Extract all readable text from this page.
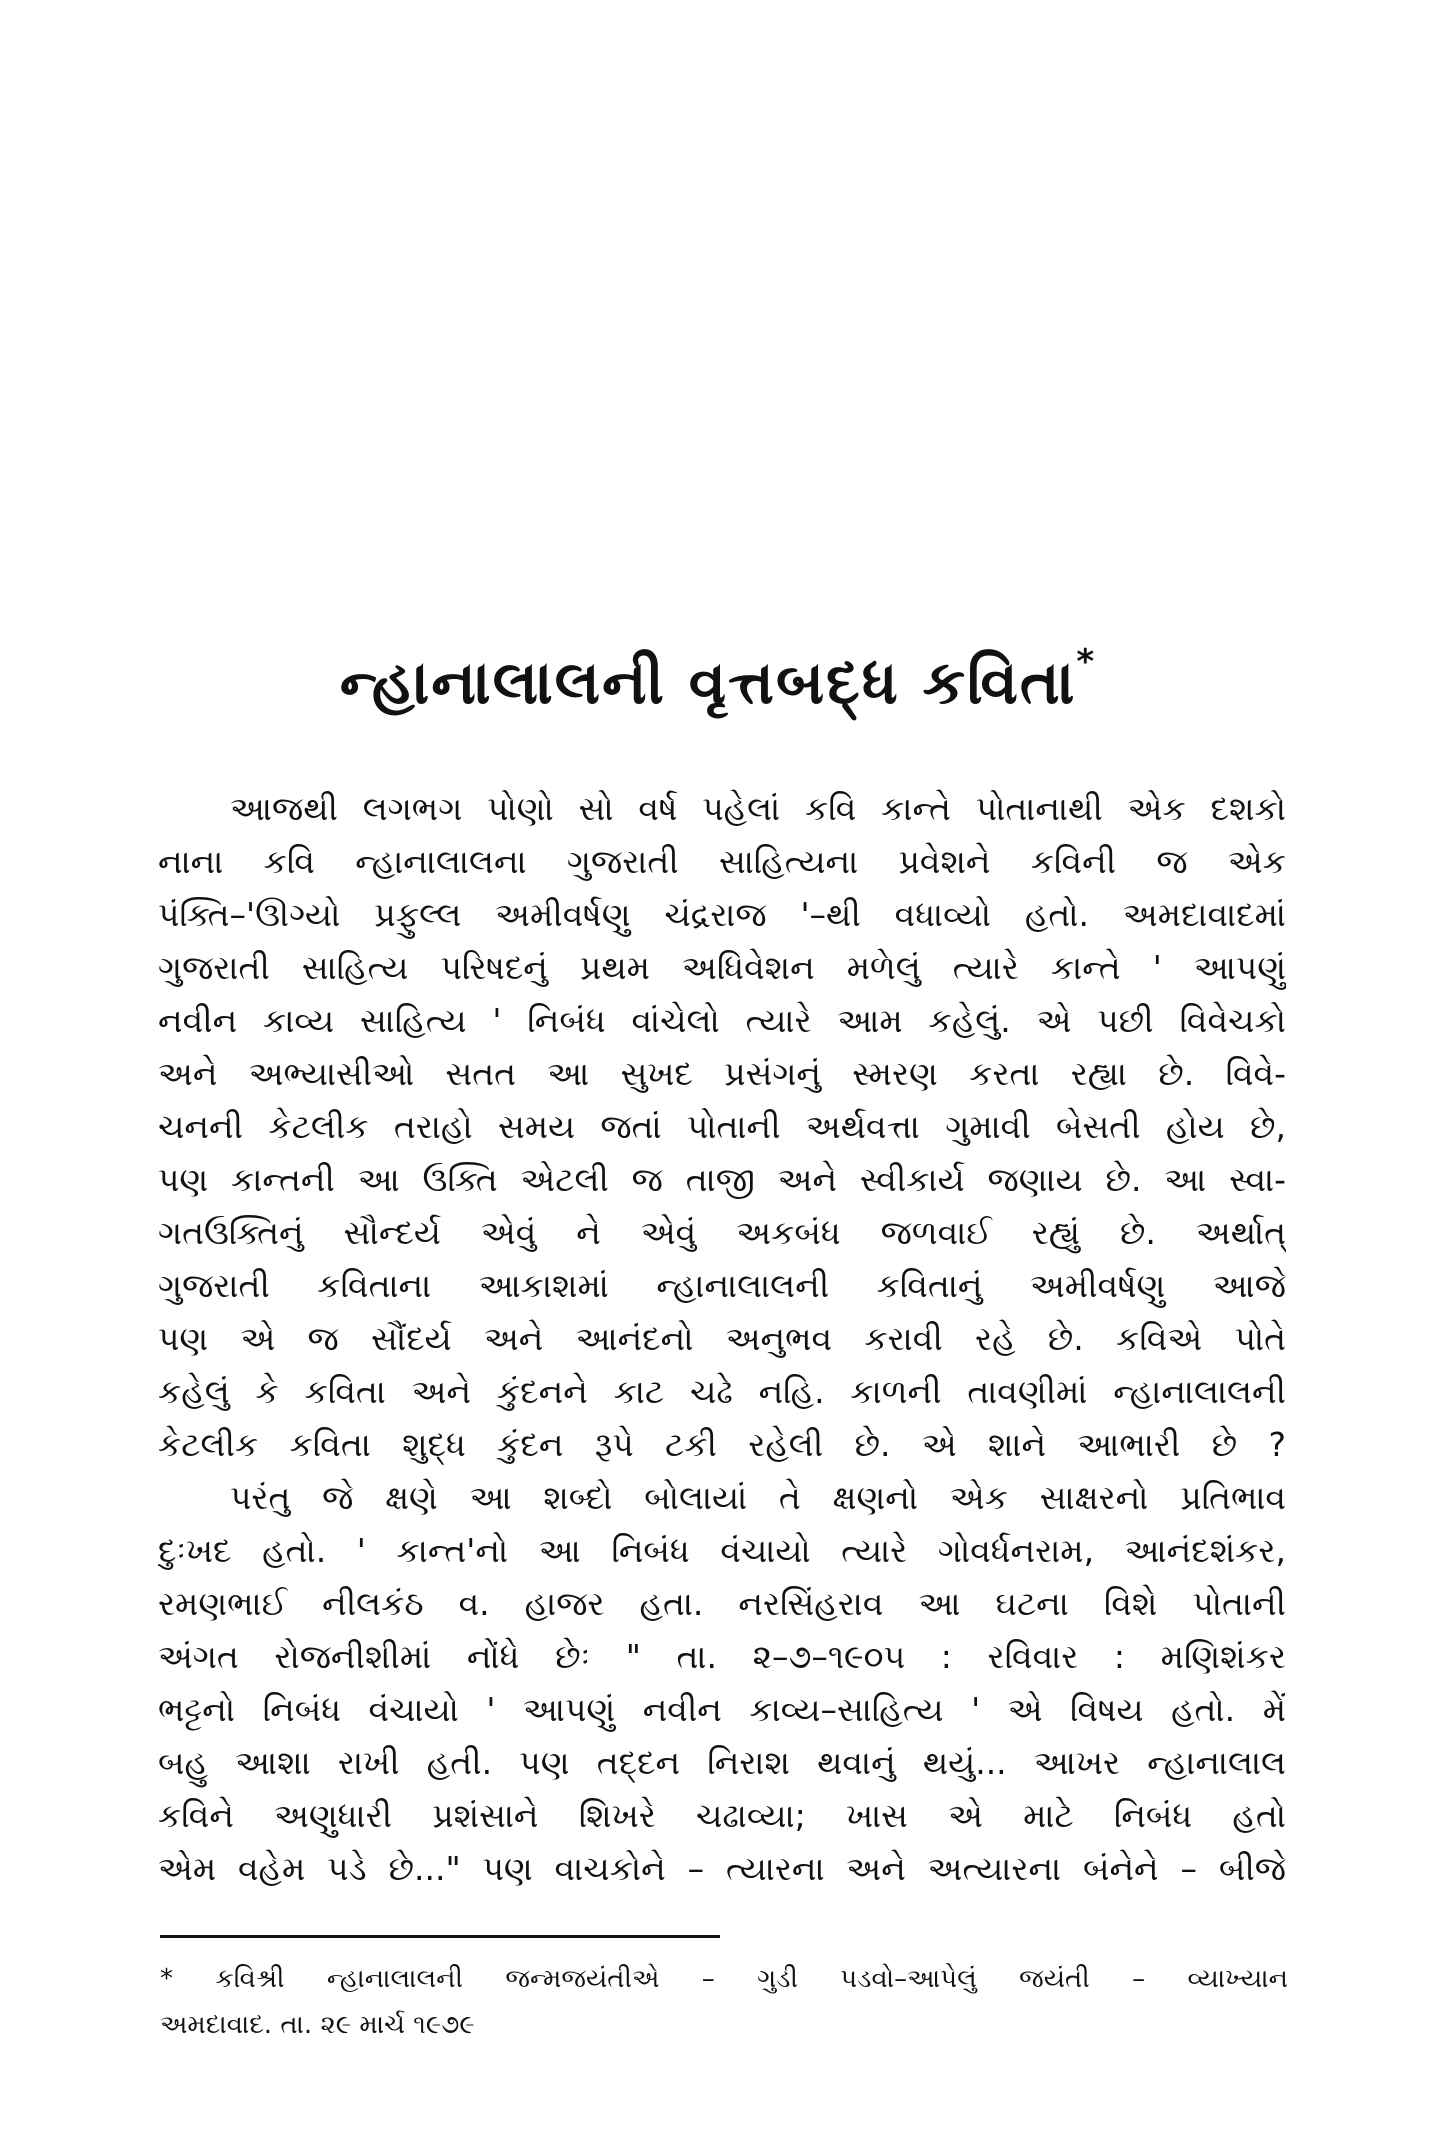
ન્હાનાલાલની વૃત્તબદ્ધ કવિતા*
આજથી લગભગ પોણો સો વર્ષ પહેલાં કવિ કાન્તે પોતાનાથી એક દશકો
નાના કવિ ન્હાનાલાલના ગુજરાતી સાહિત્યના પ્રવેશને કવિની જ એક
પંક્તિ–'ઊગ્યો પ્રફુલ્લ અમીવર્ષણુ ચંદ્રરાજ '–થી વધાવ્યો હતો. અમદાવાદમાં
ગુજરાતી સાહિત્ય પરિષદનું પ્રથમ અધિવેશન મળેલું ત્યારે કાન્તે ' આપણું
નવીન કાવ્ય સાહિત્ય ' નિબંધ વાંચેલો ત્યારે આમ કહેલું. એ પછી વિવેચકો
અને અભ્યાસીઓ સતત આ સુખદ પ્રસંગનું સ્મરણ કરતા રહ્યા છે. વિવે-
ચનની કેટલીક તરાહો સમય જતાં પોતાની અર્થવત્તા ગુમાવી બેસતી હોય છે,
પણ કાન્તની આ ઉક્તિ એટલી જ તાજી અને સ્વીકાર્ય જણાય છે. આ સ્વા-
ગતઉક્તિનું સૌન્દર્ય એવું ને એવું અકબંધ જળવાઈ રહ્યું છે. અર્થાત્
ગુજરાતી કવિતાના આકાશમાં ન્હાનાલાલની કવિતાનું અમીવર્ષણુ આજે
પણ એ જ સૌંદર્ય અને આનંદનો અનુભવ કરાવી રહે છે. કવિએ પોતે
કહેલું કે કવિતા અને કુંદનને કાટ ચઢે નહિ. કાળની તાવણીમાં ન્હાનાલાલની
કેટલીક કવિતા શુદ્ધ કુંદન રૂપે ટકી રહેલી છે. એ શાને આભારી છે ?
પરંતુ જે ક્ષણે આ શબ્દો બોલાયાં તે ક્ષણનો એક સાક્ષરનો પ્રતિભાવ
દુઃખદ હતો. ' કાન્ત'નો આ નિબંધ વંચાયો ત્યારે ગોવર્ધનરામ, આનંદશંકર,
રમણભાઈ નીલકંઠ વ. હાજર હતા. નરસિંહરાવ આ ઘટના વિશે પોતાની
અંગત રોજનીશીમાં નોંધે છેઃ " તા. ૨–૭–૧૯૦૫ : રવિવાર : મણિશંકર
ભટ્ટનો નિબંધ વંચાયો ' આપણું નવીન કાવ્ય–સાહિત્ય ' એ વિષય હતો. મેં
બહુ આશા રાખી હતી. પણ તદ્દન નિરાશ થવાનું થયું... આખર ન્હાનાલાલ
કવિને અણુધારી પ્રશંસાને શિખરે ચઢાવ્યા; ખાસ એ માટે નિબંધ હતો
એમ વહેમ પડે છે..." પણ વાચકોને – ત્યારના અને અત્યારના બંનેને – બીજે
* કવિશ્રી ન્હાનાલાલની જન્મજયંતીએ – ગુડી પડવો–આપેલું જયંતી – વ્યાખ્યાન
અમદાવાદ. તા. ૨૯ માર્ચ ૧૯૭૯
